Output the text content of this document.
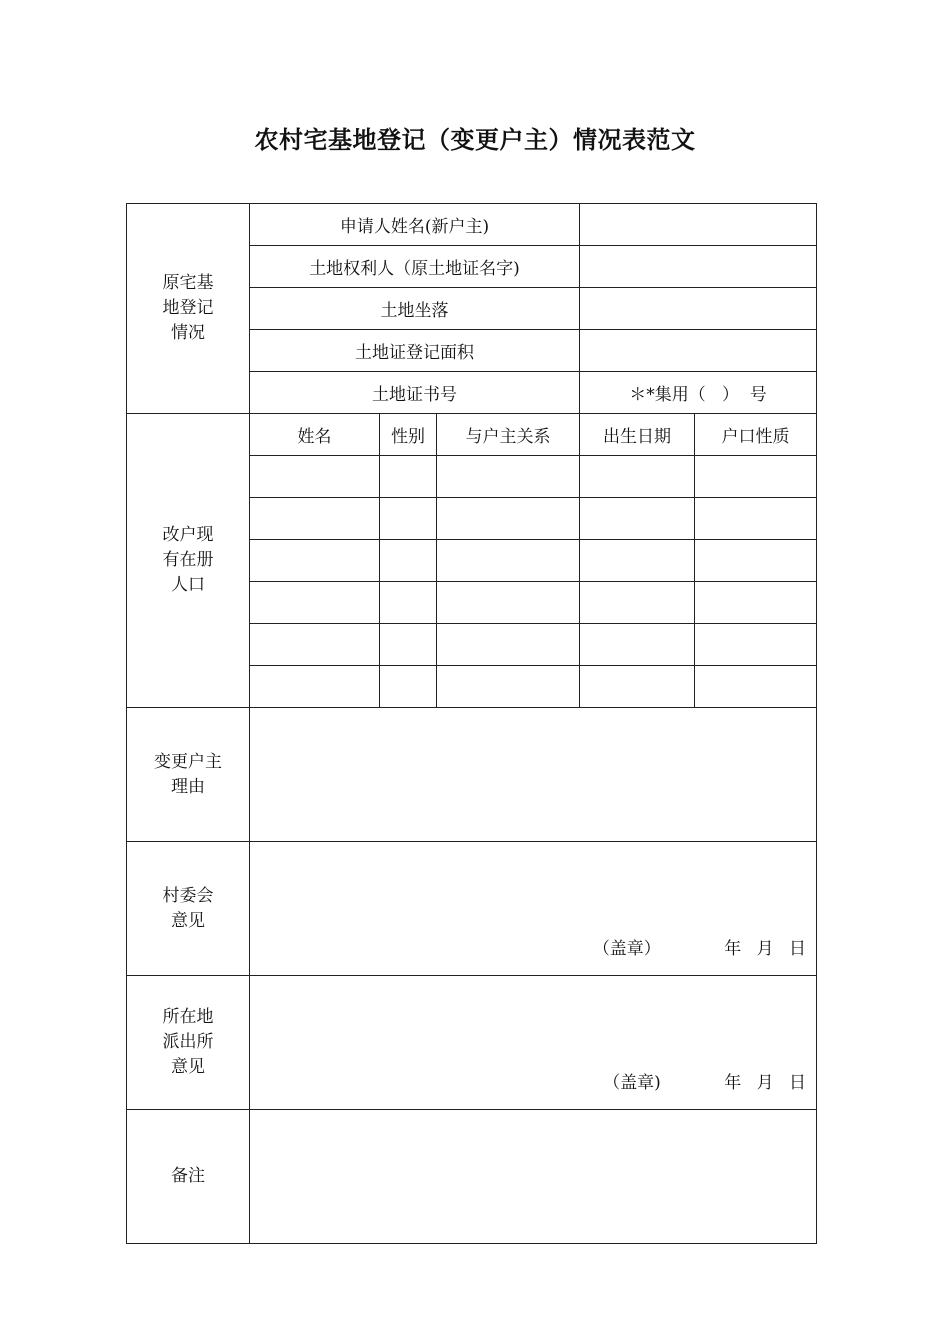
农村宅基地登记（变更户主）情况表范文
原宅基
地登记
情况	申请人姓名(新户主)				
	土地权利人（原土地证名字)				
	土地坐落				
	土地证登记面积				
	土地证书号			＊*集用（   ）  号	

改户现
有在册
人口	姓名	性别	与户主关系	出生日期	户口性质

变更户主
理由					

村委会
意见	（盖章） 年 月 日				

所在地
派出所
意见	（盖章) 年 月 日				

备注					
